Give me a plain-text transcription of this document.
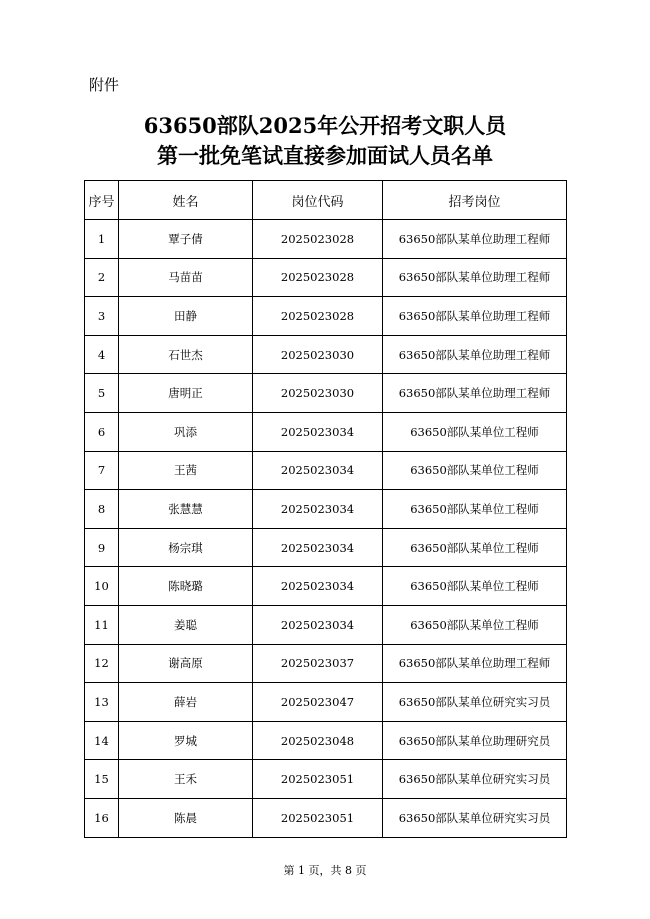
附件
63650部队2025年公开招考文职人员
第一批免笔试直接参加面试人员名单
序号	姓名	岗位代码	招考岗位
1	覃子倩	2025023028	63650部队某单位助理工程师
2	马苗苗	2025023028	63650部队某单位助理工程师
3	田静	2025023028	63650部队某单位助理工程师
4	石世杰	2025023030	63650部队某单位助理工程师
5	唐明正	2025023030	63650部队某单位助理工程师
6	巩添	2025023034	63650部队某单位工程师
7	王茜	2025023034	63650部队某单位工程师
8	张慧慧	2025023034	63650部队某单位工程师
9	杨宗琪	2025023034	63650部队某单位工程师
10	陈晓璐	2025023034	63650部队某单位工程师
11	姜聪	2025023034	63650部队某单位工程师
12	谢高原	2025023037	63650部队某单位助理工程师
13	薛岩	2025023047	63650部队某单位研究实习员
14	罗城	2025023048	63650部队某单位助理研究员
15	王禾	2025023051	63650部队某单位研究实习员
16	陈晨	2025023051	63650部队某单位研究实习员
第 1 页，共 8 页
